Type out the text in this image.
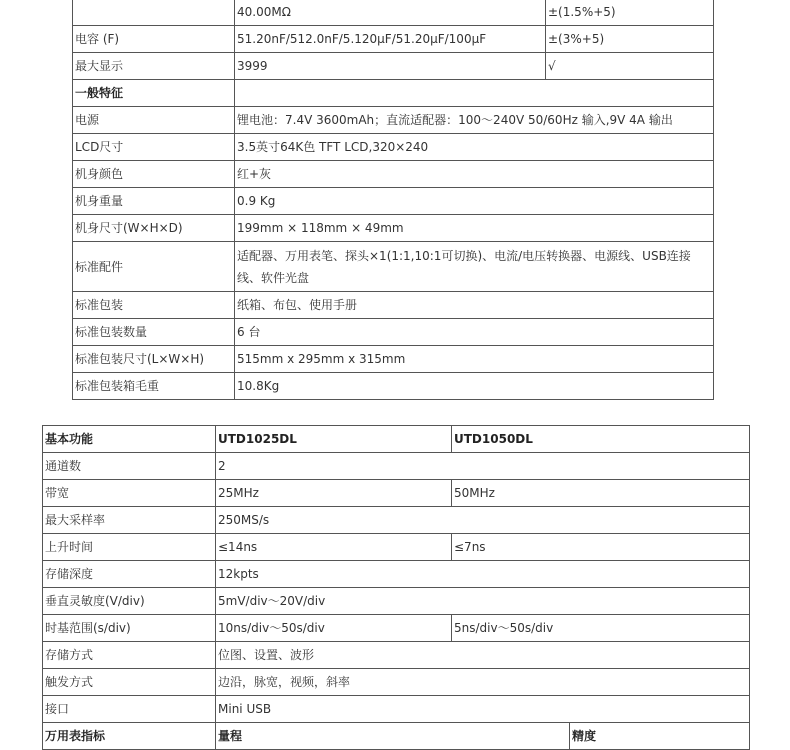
	40.00MΩ	±(1.5%+5)
电容 (F)	51.20nF/512.0nF/5.120μF/51.20μF/100μF	±(3%+5)
最大显示	3999	√
一般特征		
电源	锂电池：7.4V 3600mAh；直流适配器：100～240V 50/60Hz 输入,9V 4A 输出	
LCD尺寸	3.5英寸64K色 TFT LCD,320×240	
机身颜色	红+灰	
机身重量	0.9 Kg	
机身尺寸(W×H×D)	199mm × 118mm × 49mm	
标准配件	适配器、万用表笔、探头×1(1:1,10:1可切换)、电流/电压转换器、电源线、USB连接线、软件光盘	
标准包装	纸箱、布包、使用手册	
标准包装数量	6 台	
标准包装尺寸(L×W×H)	515mm x 295mm x 315mm	
标准包装箱毛重	10.8Kg	
基本功能	UTD1025DL	UTD1050DL	
通道数	2		
带宽	25MHz	50MHz	
最大采样率	250MS/s		
上升时间	≤14ns	≤7ns	
存储深度	12kpts		
垂直灵敏度(V/div)	5mV/div～20V/div		
时基范围(s/div)	10ns/div～50s/div	5ns/div～50s/div	
存储方式	位图、设置、波形		
触发方式	边沿，脉宽，视频，斜率		
接口	Mini USB		
万用表指标	量程		精度
